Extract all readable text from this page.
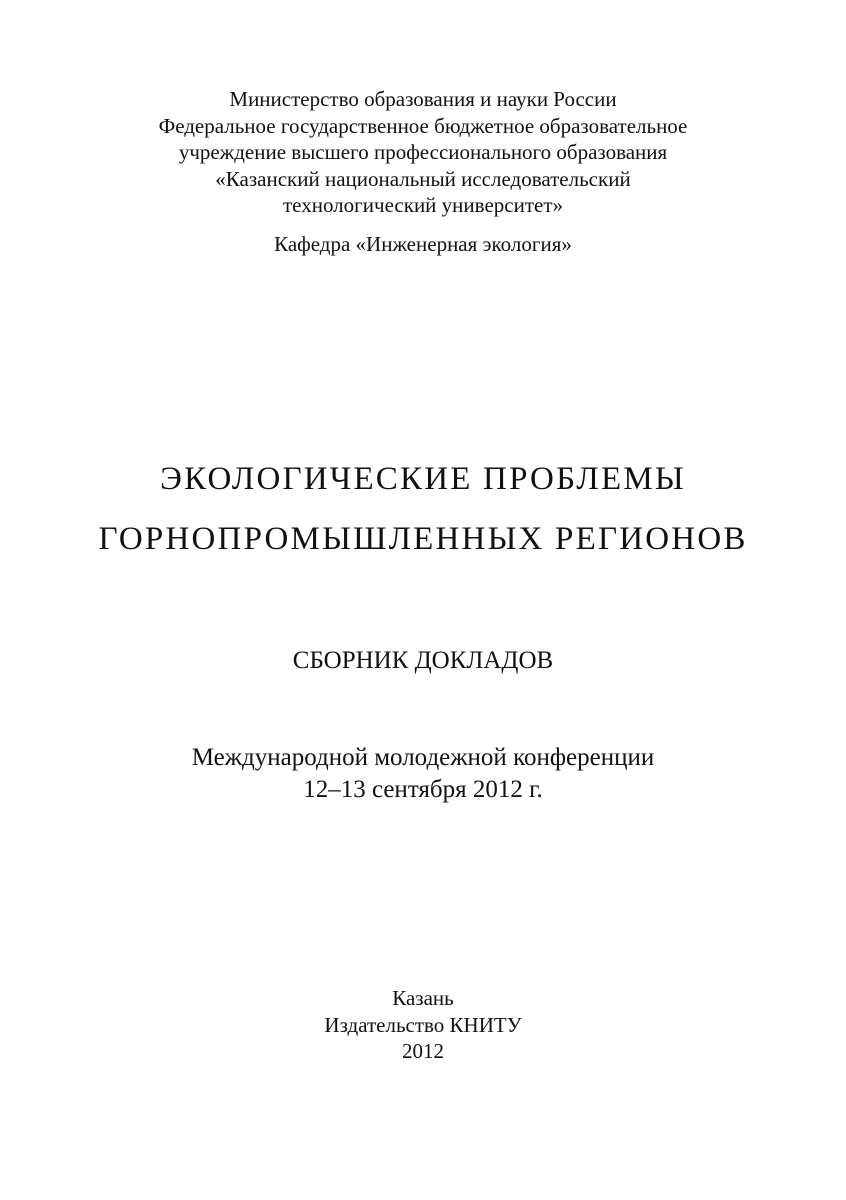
Министерство образования и науки России
Федеральное государственное бюджетное образовательное
учреждение высшего профессионального образования
«Казанский национальный исследовательский
технологический университет»
Кафедра «Инженерная экология»
ЭКОЛОГИЧЕСКИЕ ПРОБЛЕМЫ
ГОРНОПРОМЫШЛЕННЫХ РЕГИОНОВ
СБОРНИК ДОКЛАДОВ
Международной молодежной конференции
12–13 сентября 2012 г.
Казань
Издательство КНИТУ
2012
